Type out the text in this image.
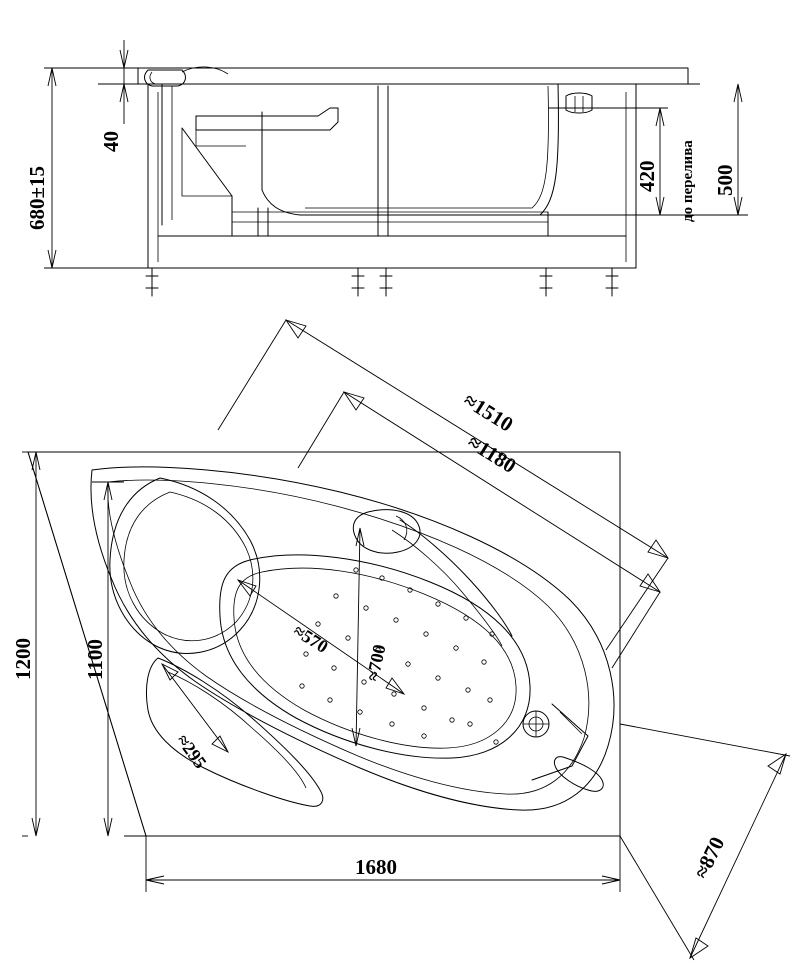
40
680±15	420 до перелива 500
1200 1100
1680
≈1510
≈1180
≈870
≈570
≈700
≈295
